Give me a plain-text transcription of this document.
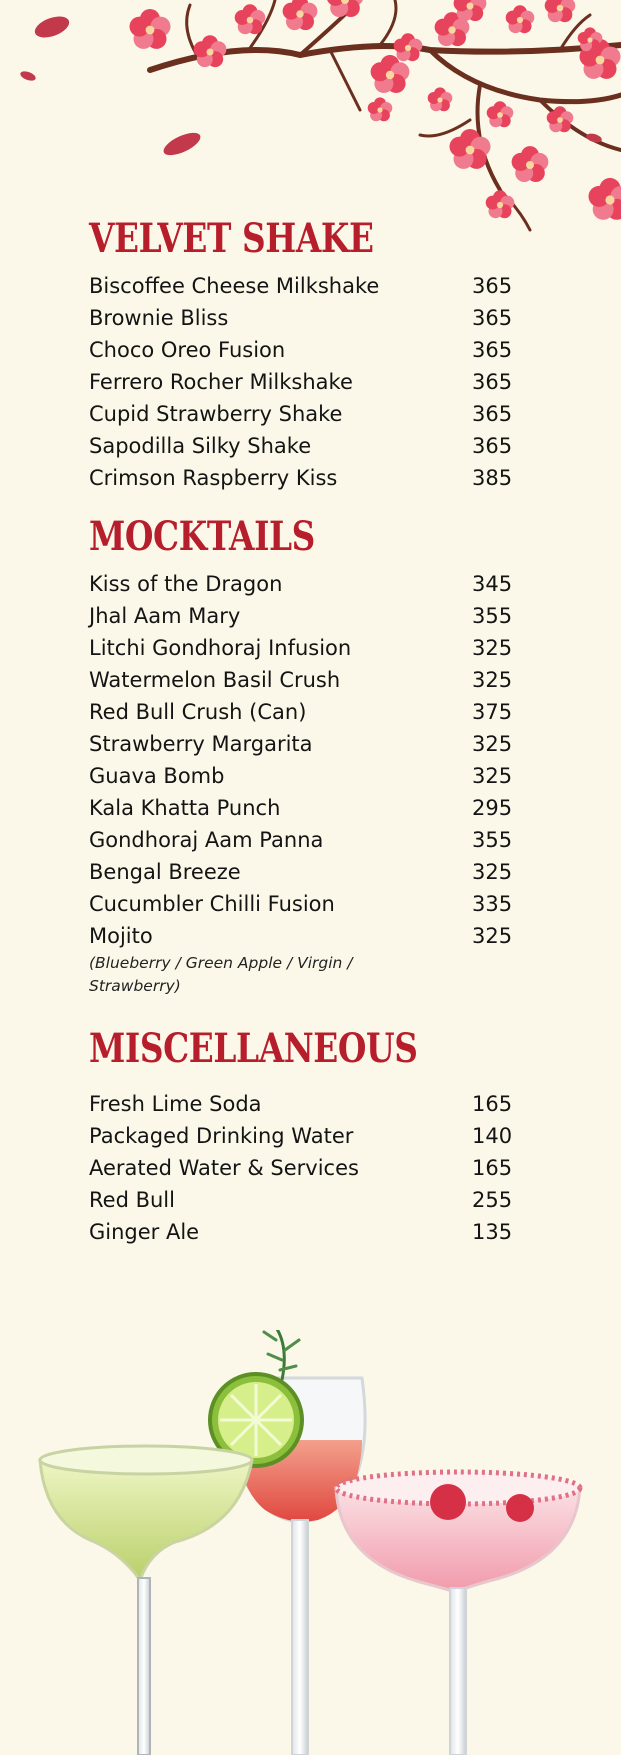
VELVET SHAKE
Biscoffee Cheese Milkshake	365
Brownie Bliss	365
Choco Oreo Fusion	365
Ferrero Rocher Milkshake	365
Cupid Strawberry Shake	365
Sapodilla Silky Shake	365
Crimson Raspberry Kiss	385
MOCKTAILS
Kiss of the Dragon	345
Jhal Aam Mary	355
Litchi Gondhoraj Infusion	325
Watermelon Basil Crush	325
Red Bull Crush (Can)	375
Strawberry Margarita	325
Guava Bomb	325
Kala Khatta Punch	295
Gondhoraj Aam Panna	355
Bengal Breeze	325
Cucumbler Chilli Fusion	335
Mojito	325

(Blueberry / Green Apple / Virgin / Strawberry)

MISCELLANEOUS
Fresh Lime Soda	165
Packaged Drinking Water	140
Aerated Water & Services	165
Red Bull	255
Ginger Ale	135
